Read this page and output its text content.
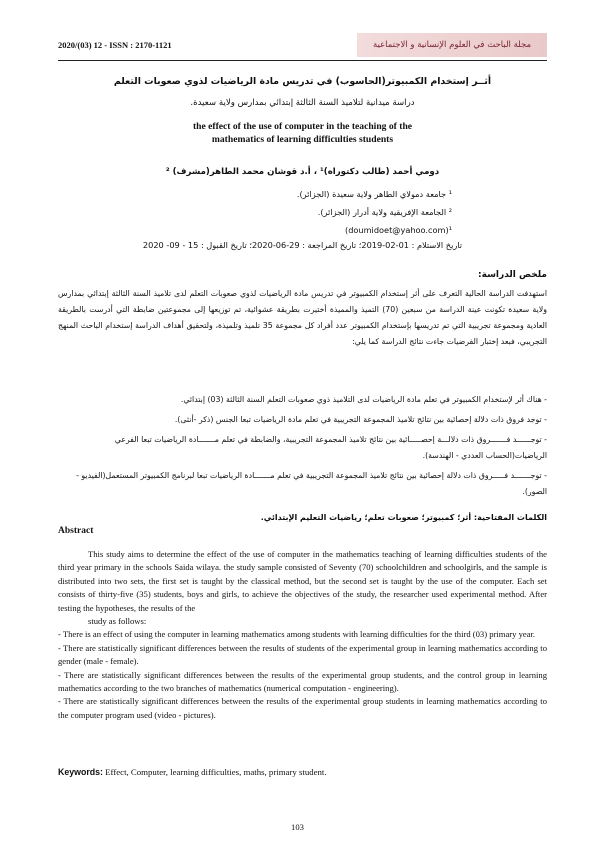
2020/(03) 12 - ISSN : 2170-1121	مجلة الباحث في العلوم الإنسانية و الاجتماعية
أثــر إستخدام الكمبيوتر(الحاسوب) في تدريس مادة الرياضيات لذوي صعوبات التعلم
دراسة ميدانية لتلاميذ السنة الثالثة إبتدائي بمدارس ولاية سعيدة.
the effect of the use of computer in the teaching of the
mathematics of learning difficulties students
دومي أحمد (طالب دكتوراه)¹ ، أ.د قوشان محمد الطاهر(مشرف) ²
¹ جامعة دمولاي الطاهر ولاية سعيدة (الجزائر).
² الجامعة الإفريقية ولاية أدرار (الجزائر).
¹(doumidoet@yahoo.com)
تاريخ الاستلام : 01-02-2019؛ تاريخ المراجعة : 29-06-2020؛ تاريخ القبول : 15 - 09- 2020
ملخص الدراسة:
استهدفت الدراسة الحالية التعرف على أثر إستخدام الكمبيوتر في تدريس مادة الرياضيات لذوي صعوبات التعلم لدى تلاميذ السنة الثالثة إبتدائي بمدارس ولاية سعيدة تكونت عينة الدراسة من سبعين (70) التميذ والمميذة أختيرت بطريقة عشوائية، تم توزيعها إلى مجموعتين ضابطة التي أدرست بالطريقة العادية ومجموعة تجريبية التي تم تدريسها بإستخدام الكمبيوتر عدد أفراد كل مجموعة 35 تلميذ وتلميذة، ولتحقيق أهداف الدراسة إستخدام الباحث المنهج التجريبي، فبعد إختبار الفرضيات جاءت نتائج الدراسة كما يلي:
- هناك أثر لإستخدام الكمبيوتر في تعلم مادة الرياضيات لدى التلاميذ ذوي صعوبات التعلم السنة الثالثة (03) إبتدائي.
- توجد فروق ذات دلالة إحصائية بين نتائج تلاميذ المجموعة التجريبية في تعلم مادة الرياضيات تبعا الجنس (ذكر -أنثى).
- توجــــــد فـــــــروق ذات دلالـــة إحصـــــائية بين نتائج تلاميذ المجموعة التجريبية، والضابطة في تعلم مـــــــادة الرياضيات تبعا الفرعي الرياضيات(الحساب العددي - الهندسة).
- توجـــــــد فـــــروق ذات دلالة إحصائية بين نتائج تلاميذ المجموعة التجريبية في تعلم مـــــــادة الرياضيات تبعا لبرنامج الكمبيوتر المستعمل(الفيديو - الصور).
الكلمات المفتاحية: أثر؛ كمبيوتر؛ صعوبات تعلم؛ رياضيات التعليم الإبتدائي.
Abstract

This study aims to determine the effect of the use of computer in the mathematics teaching of learning difficulties students of the third year primary in the schools Saida wilaya. the study sample consisted of Seventy (70) schoolchildren and schoolgirls, and the sample is distributed into two sets, the first set is taught by the classical method, but the second set is taught by the use of the computer. Each set consists of thirty-five (35) students, boys and girls, to achieve the objectives of the study, the researcher used experimental method. After testing the hypotheses, the results of the

study as follows:

- There is an effect of using the computer in learning mathematics among students with learning difficulties for the third (03) primary year.

- There are statistically significant differences between the results of students of the experimental group in learning mathematics according to gender (male - female).

- There are statistically significant differences between the results of the experimental group students, and the control group in learning mathematics according to the two branches of mathematics (numerical computation - engineering).

- There are statistically significant differences between the results of the experimental group students in learning mathematics according to the computer program used (video - pictures).

Keywords: Effect, Computer, learning difficulties, maths, primary student.
103
